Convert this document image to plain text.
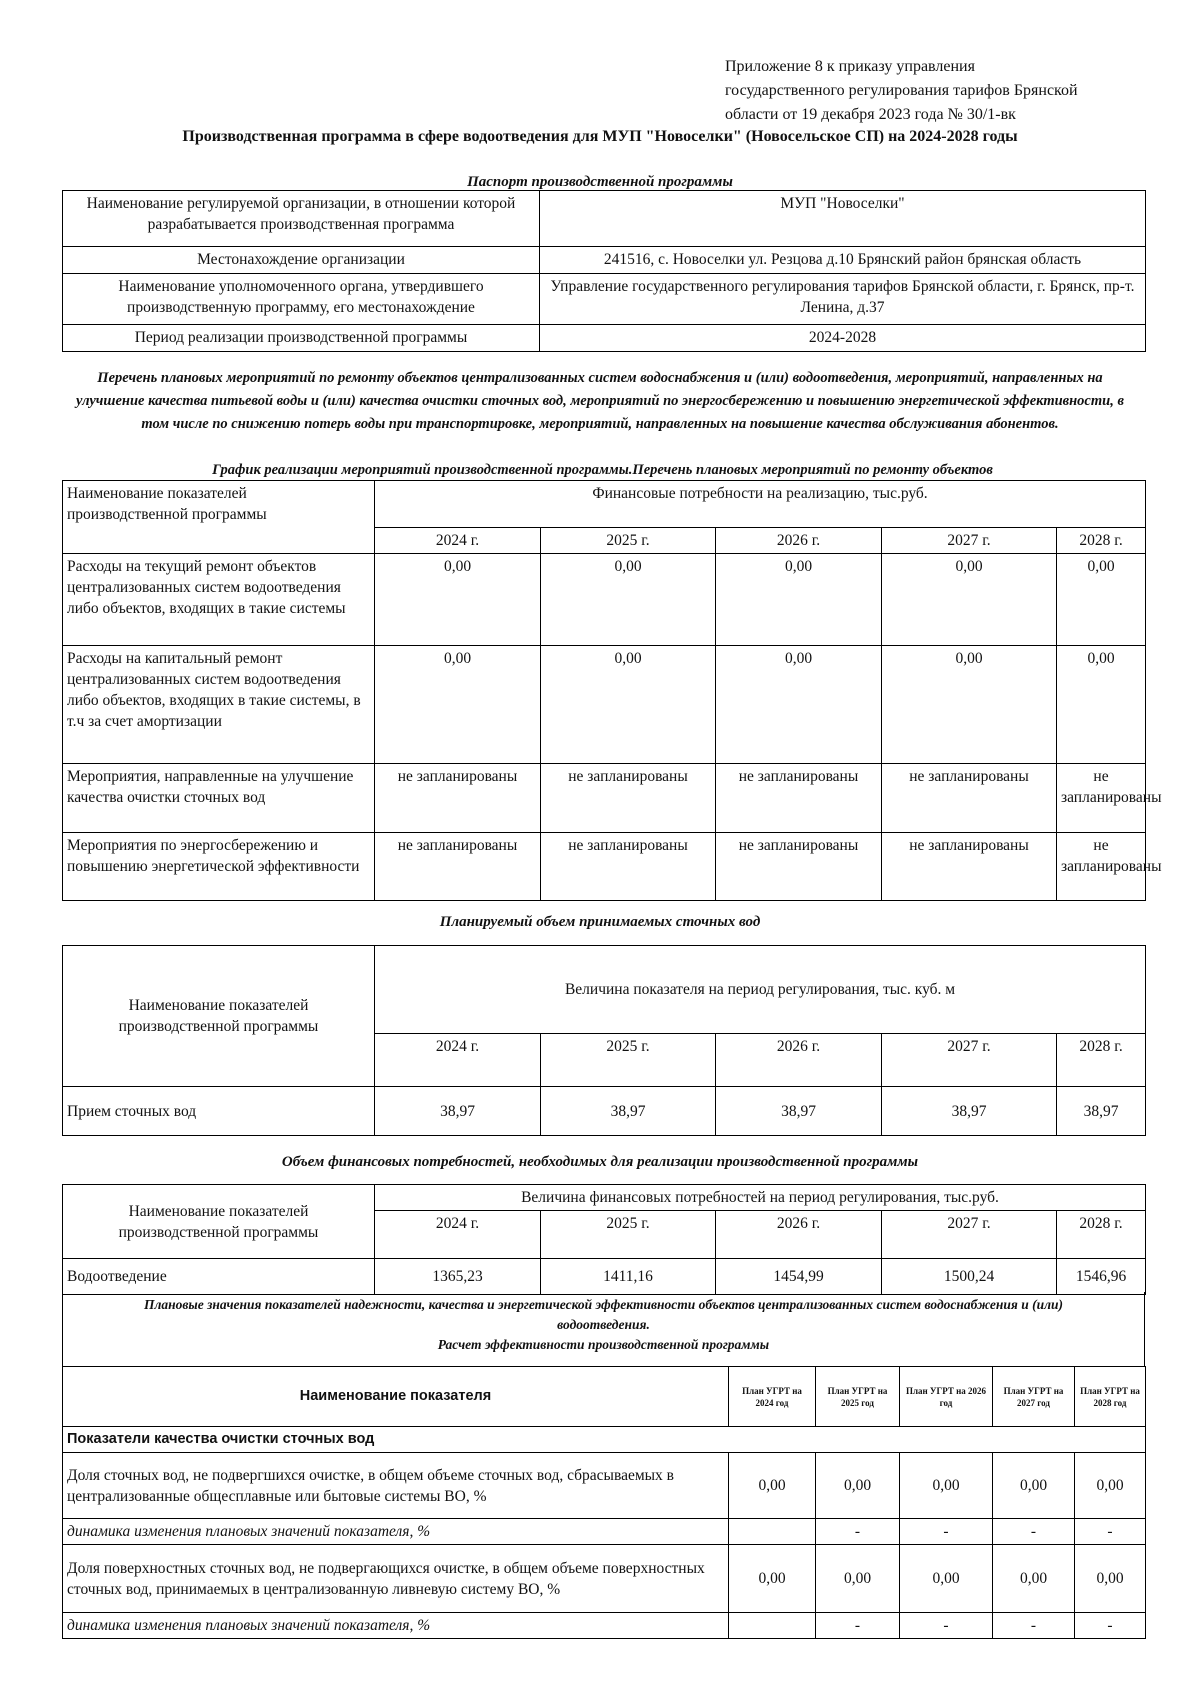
Приложение 8 к приказу управления
государственного регулирования тарифов Брянской
области от 19 декабря 2023 года № 30/1-вк
Производственная программа в сфере водоотведения для МУП "Новоселки" (Новосельское СП) на 2024-2028 годы
Паспорт производственной программы
Наименование регулируемой организации, в отношении которой разрабатывается производственная программа	МУП "Новоселки"
Местонахождение организации	241516, с. Новоселки ул. Резцова д.10 Брянский район брянская область
Наименование уполномоченного органа, утвердившего производственную программу, его местонахождение	Управление государственного регулирования тарифов Брянской области, г. Брянск, пр-т. Ленина, д.37
Период реализации производственной программы	2024-2028
Перечень плановых мероприятий по ремонту объектов централизованных систем водоснабжения и (или) водоотведения, мероприятий, направленных на улучшение качества питьевой воды и (или) качества очистки сточных вод, мероприятий по энергосбережению и повышению энергетической эффективности, в том числе по снижению потерь воды при транспортировке, мероприятий, направленных на повышение качества обслуживания абонентов.
График реализации мероприятий производственной программы.Перечень плановых мероприятий по ремонту объектов
Наименование показателей производственной программы	Финансовые потребности на реализацию, тыс.руб.				
	2024 г.	2025 г.	2026 г.	2027 г.	2028 г.
Расходы на текущий ремонт объектов централизованных систем водоотведения либо объектов, входящих в такие системы	0,00	0,00	0,00	0,00	0,00
Расходы на капитальный ремонт централизованных систем водоотведения либо объектов, входящих в такие системы, в т.ч за счет амортизации	0,00	0,00	0,00	0,00	0,00
Мероприятия, направленные на улучшение качества очистки сточных вод	не запланированы	не запланированы	не запланированы	не запланированы	не запланированы
Мероприятия по энергосбережению и повышению энергетической эффективности	не запланированы	не запланированы	не запланированы	не запланированы	не запланированы
Планируемый объем принимаемых сточных вод
Наименование показателей производственной программы	Величина показателя на период регулирования, тыс. куб. м				
	2024 г.	2025 г.	2026 г.	2027 г.	2028 г.
Прием сточных вод	38,97	38,97	38,97	38,97	38,97
Объем финансовых потребностей, необходимых для реализации производственной программы
Наименование показателей производственной программы	Величина финансовых потребностей на период регулирования, тыс.руб.				
	2024 г.	2025 г.	2026 г.	2027 г.	2028 г.
Водоотведение	1365,23	1411,16	1454,99	1500,24	1546,96
Плановые значения показателей надежности, качества и энергетической эффективности объектов централизованных систем водоснабжения и (или) водоотведения.
Расчет эффективности производственной программы
Наименование показателя	План УГРТ на 2024 год	План УГРТ на 2025 год	План УГРТ на 2026 год	План УГРТ на 2027 год	План УГРТ на 2028 год
Показатели качества очистки сточных вод					
Доля сточных вод, не подвергшихся очистке, в общем объеме сточных вод, сбрасываемых в централизованные общесплавные или бытовые системы ВО, %	0,00	0,00	0,00	0,00	0,00
динамика изменения плановых значений показателя, %		-	-	-	-
Доля поверхностных сточных вод, не подвергающихся очистке, в общем объеме поверхностных сточных вод, принимаемых в централизованную ливневую систему ВО, %	0,00	0,00	0,00	0,00	0,00
динамика изменения плановых значений показателя, %		-	-	-	-
